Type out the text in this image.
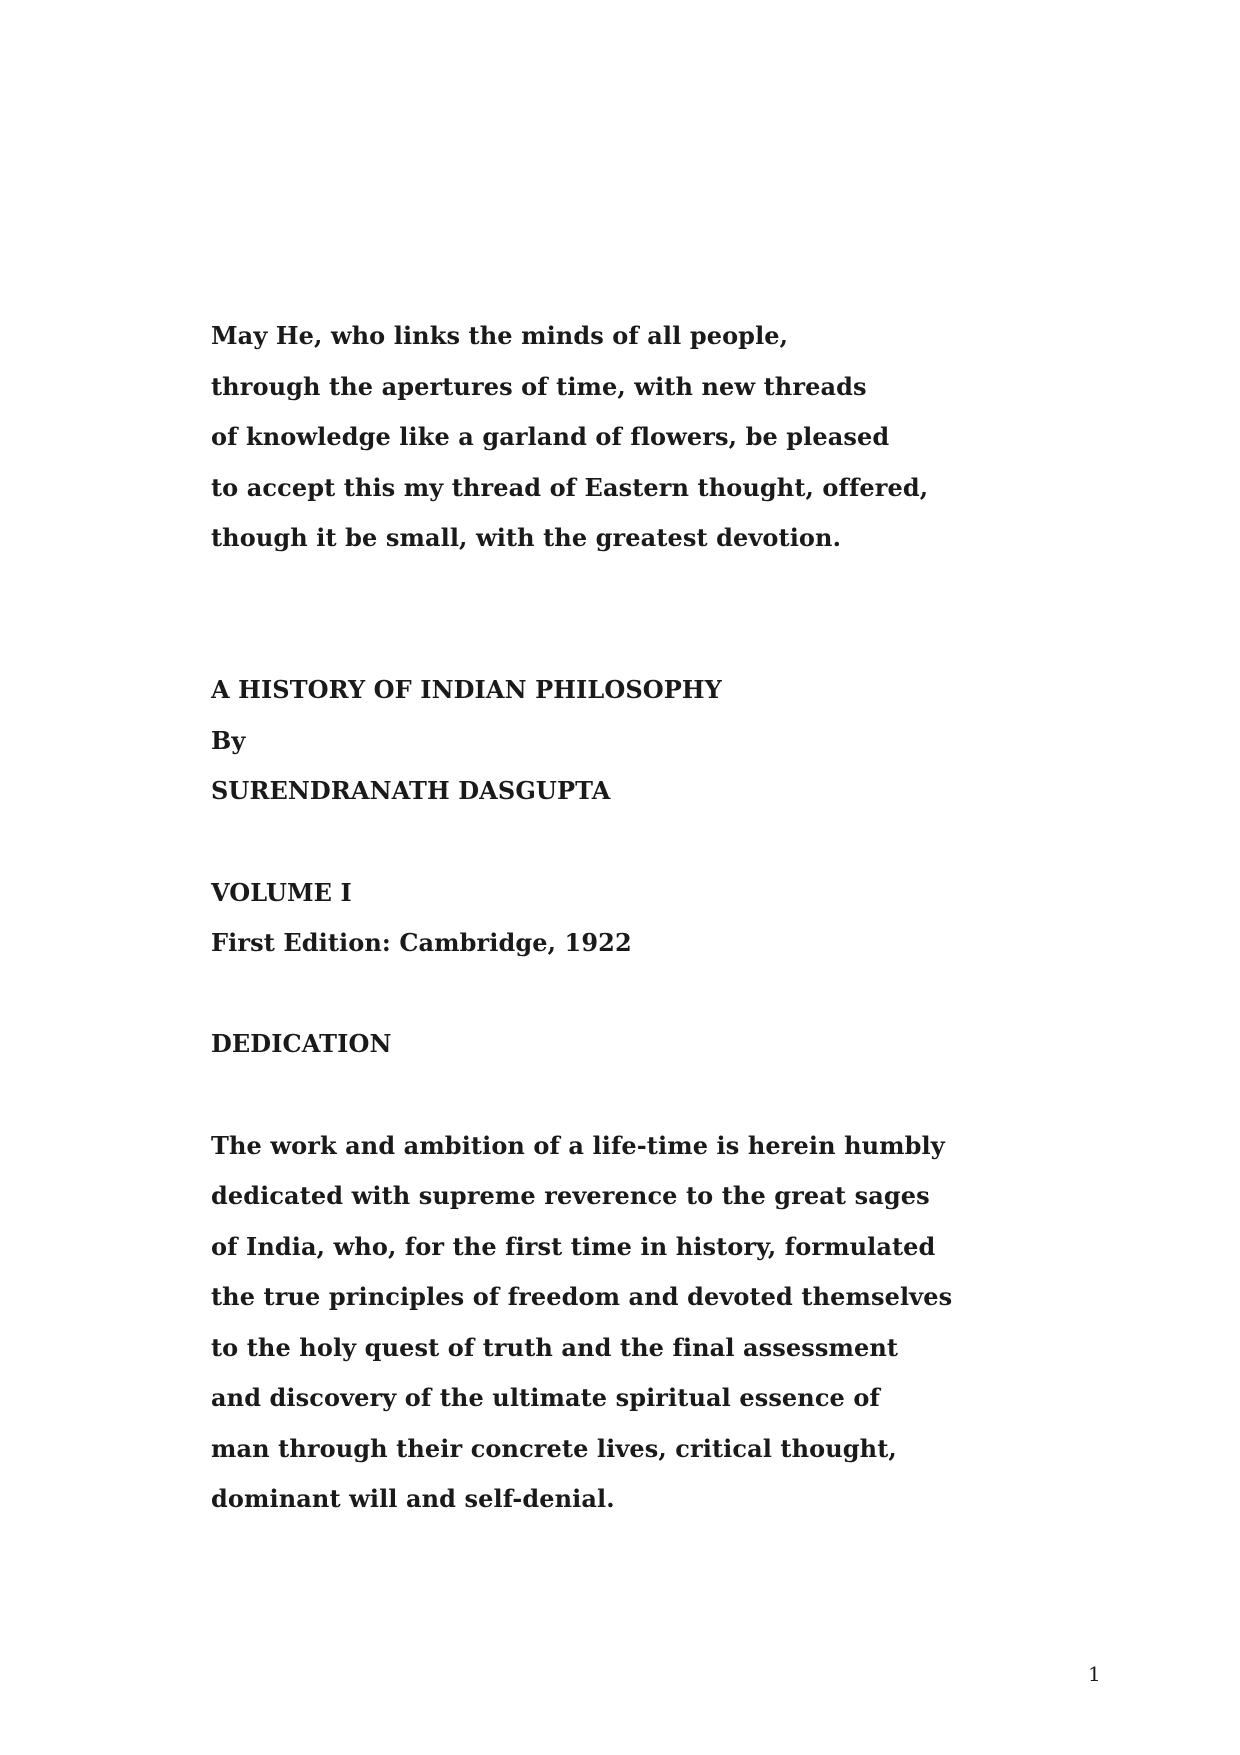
May He, who links the minds of all people,
through the apertures of time, with new threads
of knowledge like a garland of flowers, be pleased
to accept this my thread of Eastern thought, offered,
though it be small, with the greatest devotion.
A HISTORY OF INDIAN PHILOSOPHY
By
SURENDRANATH DASGUPTA
VOLUME I
First Edition: Cambridge, 1922
DEDICATION
The work and ambition of a life-time is herein humbly
dedicated with supreme reverence to the great sages
of India, who, for the first time in history, formulated
the true principles of freedom and devoted themselves
to the holy quest of truth and the final assessment
and discovery of the ultimate spiritual essence of
man through their concrete lives, critical thought,
dominant will and self-denial.
1
